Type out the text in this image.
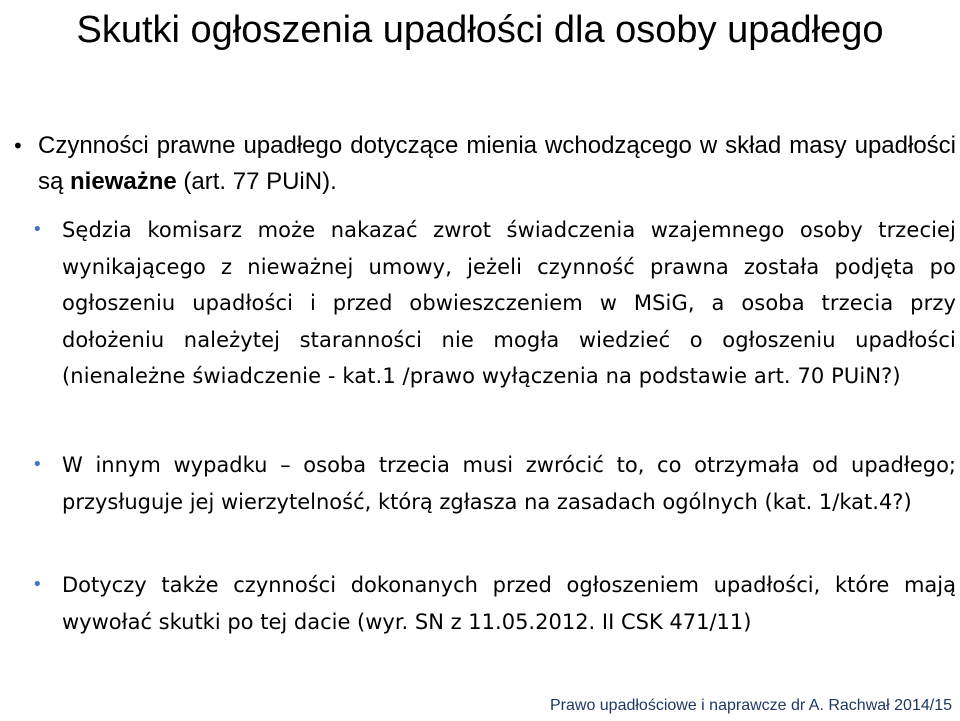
Skutki ogłoszenia upadłości dla osoby upadłego
• Czynności prawne upadłego dotyczące mienia wchodzącego w skład masy upadłości są nieważne (art. 77 PUiN).
• Sędzia komisarz może nakazać zwrot świadczenia wzajemnego osoby trzeciej wynikającego z nieważnej umowy, jeżeli czynność prawna została podjęta po ogłoszeniu upadłości i przed obwieszczeniem w MSiG, a osoba trzecia przy dołożeniu należytej staranności nie mogła wiedzieć o ogłoszeniu upadłości (nienależne świadczenie - kat.1 /prawo wyłączenia na podstawie art. 70 PUiN?)
• W innym wypadku – osoba trzecia musi zwrócić to, co otrzymała od upadłego; przysługuje jej wierzytelność, którą zgłasza na zasadach ogólnych (kat. 1/kat.4?)
• Dotyczy także czynności dokonanych przed ogłoszeniem upadłości, które mają wywołać skutki po tej dacie (wyr. SN z 11.05.2012. II CSK 471/11)
Prawo upadłościowe i naprawcze dr A. Rachwał 2014/15
